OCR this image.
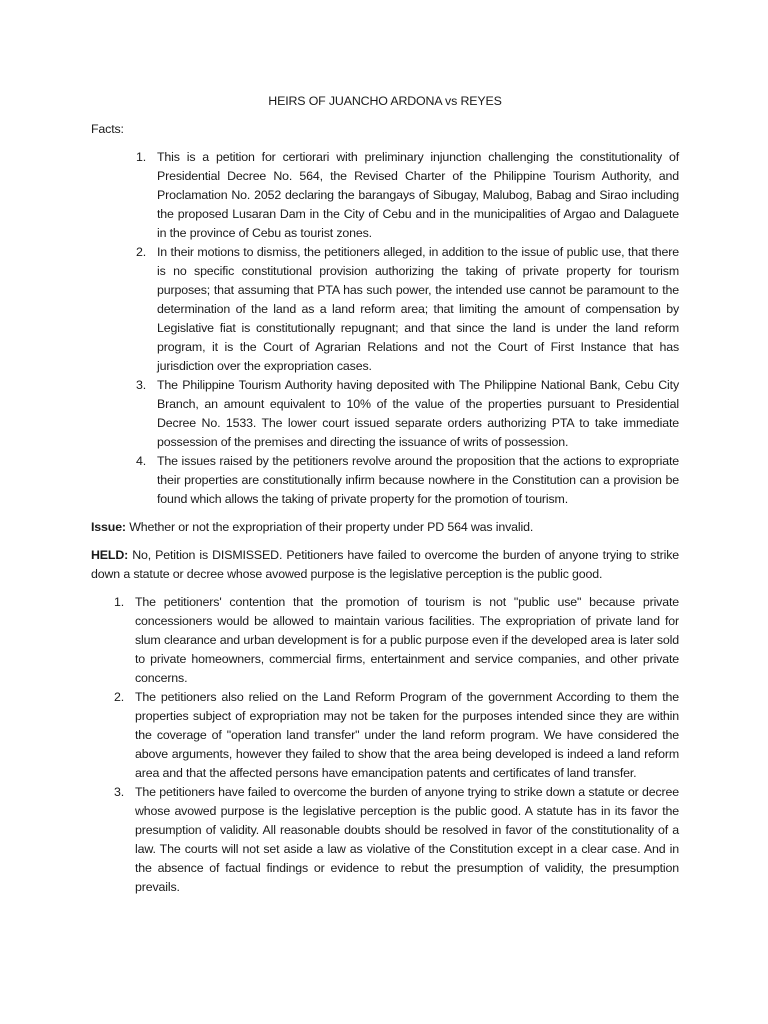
HEIRS OF JUANCHO ARDONA vs REYES
Facts:
1. This is a petition for certiorari with preliminary injunction challenging the constitutionality of Presidential Decree No. 564, the Revised Charter of the Philippine Tourism Authority, and Proclamation No. 2052 declaring the barangays of Sibugay, Malubog, Babag and Sirao including the proposed Lusaran Dam in the City of Cebu and in the municipalities of Argao and Dalaguete in the province of Cebu as tourist zones.
2. In their motions to dismiss, the petitioners alleged, in addition to the issue of public use, that there is no specific constitutional provision authorizing the taking of private property for tourism purposes; that assuming that PTA has such power, the intended use cannot be paramount to the determination of the land as a land reform area; that limiting the amount of compensation by Legislative fiat is constitutionally repugnant; and that since the land is under the land reform program, it is the Court of Agrarian Relations and not the Court of First Instance that has jurisdiction over the expropriation cases.
3. The Philippine Tourism Authority having deposited with The Philippine National Bank, Cebu City Branch, an amount equivalent to 10% of the value of the properties pursuant to Presidential Decree No. 1533. The lower court issued separate orders authorizing PTA to take immediate possession of the premises and directing the issuance of writs of possession.
4. The issues raised by the petitioners revolve around the proposition that the actions to expropriate their properties are constitutionally infirm because nowhere in the Constitution can a provision be found which allows the taking of private property for the promotion of tourism.

Issue: Whether or not the expropriation of their property under PD 564 was invalid.

HELD: No, Petition is DISMISSED. Petitioners have failed to overcome the burden of anyone trying to strike down a statute or decree whose avowed purpose is the legislative perception is the public good.

1. The petitioners' contention that the promotion of tourism is not "public use" because private concessioners would be allowed to maintain various facilities. The expropriation of private land for slum clearance and urban development is for a public purpose even if the developed area is later sold to private homeowners, commercial firms, entertainment and service companies, and other private concerns.
2. The petitioners also relied on the Land Reform Program of the government According to them the properties subject of expropriation may not be taken for the purposes intended since they are within the coverage of "operation land transfer" under the land reform program. We have considered the above arguments, however they failed to show that the area being developed is indeed a land reform area and that the affected persons have emancipation patents and certificates of land transfer.
3. The petitioners have failed to overcome the burden of anyone trying to strike down a statute or decree whose avowed purpose is the legislative perception is the public good. A statute has in its favor the presumption of validity. All reasonable doubts should be resolved in favor of the constitutionality of a law. The courts will not set aside a law as violative of the Constitution except in a clear case. And in the absence of factual findings or evidence to rebut the presumption of validity, the presumption prevails.
